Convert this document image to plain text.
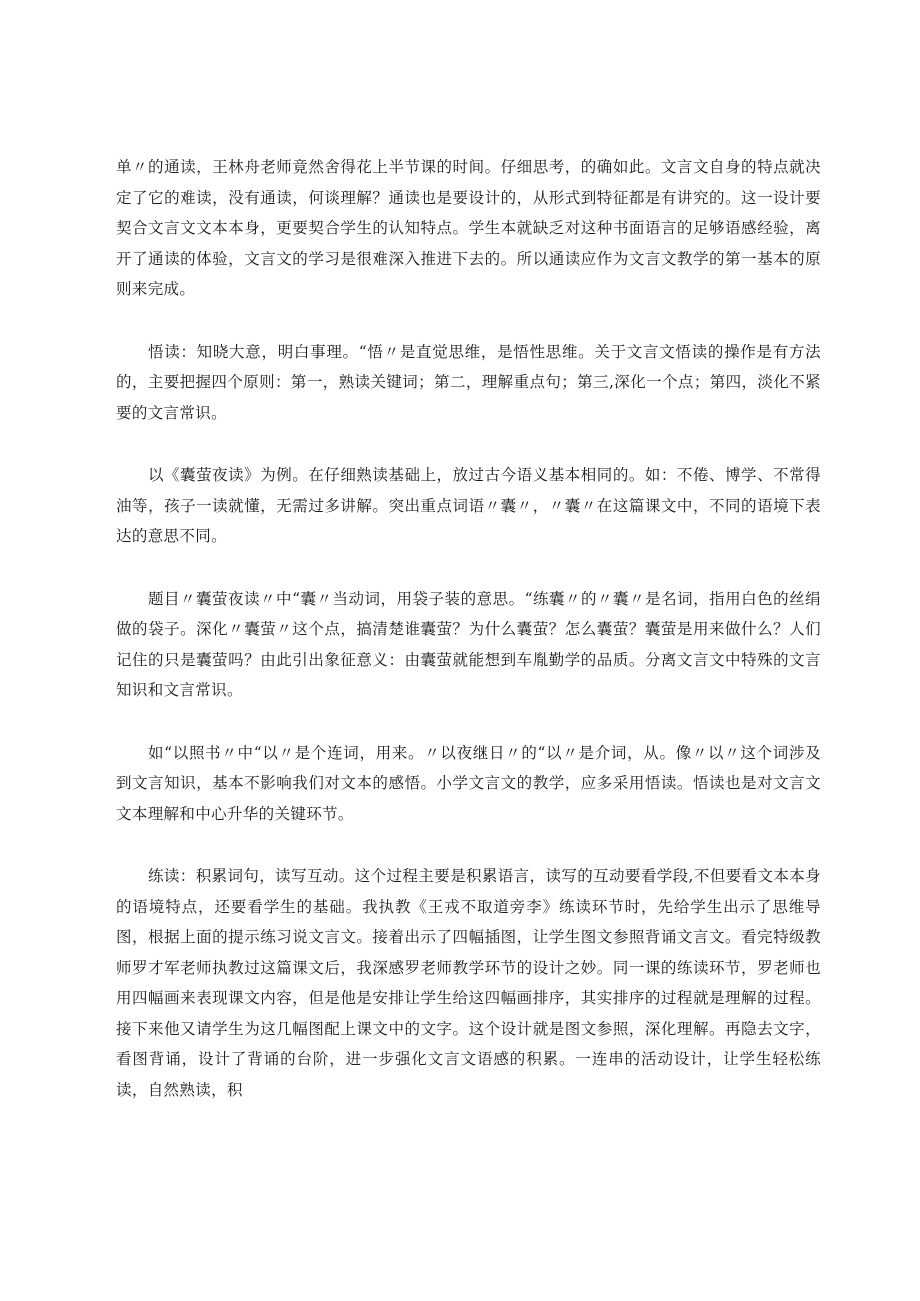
单〃的通读，王林舟老师竟然舍得花上半节课的时间。仔细思考，的确如此。文言文自身的特点就决定了它的难读，没有通读，何谈理解？通读也是要设计的，从形式到特征都是有讲究的。这一设计要契合文言文文本本身，更要契合学生的认知特点。学生本就缺乏对这种书面语言的足够语感经验，离开了通读的体验，文言文的学习是很难深入推进下去的。所以通读应作为文言文教学的第一基本的原则来完成。

悟读：知晓大意，明白事理。“悟〃是直觉思维，是悟性思维。关于文言文悟读的操作是有方法的，主要把握四个原则：第一，熟读关键词；第二，理解重点句；第三,深化一个点；第四，淡化不紧要的文言常识。

以《囊萤夜读》为例。在仔细熟读基础上，放过古今语义基本相同的。如：不倦、博学、不常得油等，孩子一读就懂，无需过多讲解。突出重点词语〃囊〃，〃囊〃在这篇课文中，不同的语境下表达的意思不同。

题目〃囊萤夜读〃中“囊〃当动词，用袋子装的意思。“练囊〃的〃囊〃是名词，指用白色的丝绢做的袋子。深化〃囊萤〃这个点，搞清楚谁囊萤？为什么囊萤？怎么囊萤？囊萤是用来做什么？人们记住的只是囊萤吗？由此引出象征意义：由囊萤就能想到车胤勤学的品质。分离文言文中特殊的文言知识和文言常识。

如“以照书〃中“以〃是个连词，用来。〃以夜继日〃的“以〃是介词，从。像〃以〃这个词涉及到文言知识，基本不影响我们对文本的感悟。小学文言文的教学，应多采用悟读。悟读也是对文言文文本理解和中心升华的关键环节。

练读：积累词句，读写互动。这个过程主要是积累语言，读写的互动要看学段,不但要看文本本身的语境特点，还要看学生的基础。我执教《王戎不取道旁李》练读环节时，先给学生出示了思维导图，根据上面的提示练习说文言文。接着出示了四幅插图，让学生图文参照背诵文言文。看完特级教师罗才军老师执教过这篇课文后，我深感罗老师教学环节的设计之妙。同一课的练读环节，罗老师也用四幅画来表现课文内容，但是他是安排让学生给这四幅画排序，其实排序的过程就是理解的过程。接下来他又请学生为这几幅图配上课文中的文字。这个设计就是图文参照，深化理解。再隐去文字，看图背诵，设计了背诵的台阶，进一步强化文言文语感的积累。一连串的活动设计，让学生轻松练读，自然熟读，积
